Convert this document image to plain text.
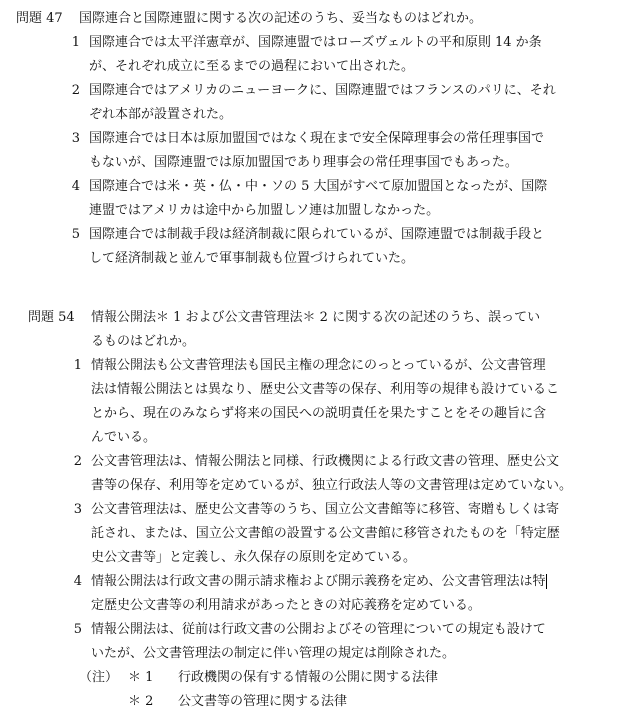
問題 47 国際連合と国際連盟に関する次の記述のうち、妥当なものはどれか。
1 国際連合では太平洋憲章が、国際連盟ではローズヴェルトの平和原則 14 か条
が、それぞれ成立に至るまでの過程において出された。
2 国際連合ではアメリカのニューヨークに、国際連盟ではフランスのパリに、それ
ぞれ本部が設置された。
3 国際連合では日本は原加盟国ではなく現在まで安全保障理事会の常任理事国で
もないが、国際連盟では原加盟国であり理事会の常任理事国でもあった。
4 国際連合では米・英・仏・中・ソの 5 大国がすべて原加盟国となったが、国際
連盟ではアメリカは途中から加盟しソ連は加盟しなかった。
5 国際連合では制裁手段は経済制裁に限られているが、国際連盟では制裁手段と
して経済制裁と並んで軍事制裁も位置づけられていた。
問題 54 情報公開法＊ 1 および公文書管理法＊ 2 に関する次の記述のうち、誤ってい
るものはどれか。
1 情報公開法も公文書管理法も国民主権の理念にのっとっているが、公文書管理
法は情報公開法とは異なり、歴史公文書等の保存、利用等の規律も設けているこ
とから、現在のみならず将来の国民への説明責任を果たすことをその趣旨に含
んでいる。
2 公文書管理法は、情報公開法と同様、行政機関による行政文書の管理、歴史公文
書等の保存、利用等を定めているが、独立行政法人等の文書管理は定めていない。
3 公文書管理法は、歴史公文書等のうち、国立公文書館等に移管、寄贈もしくは寄
託され、または、国立公文書館の設置する公文書館に移管されたものを「特定歴
史公文書等」と定義し、永久保存の原則を定めている。
4 情報公開法は行政文書の開示請求権および開示義務を定め、公文書管理法は特
定歴史公文書等の利用請求があったときの対応義務を定めている。
5 情報公開法は、従前は行政文書の公開およびその管理についての規定も設けて
いたが、公文書管理法の制定に伴い管理の規定は削除された。
（注） ＊ 1 行政機関の保有する情報の公開に関する法律
＊ 2 公文書等の管理に関する法律
